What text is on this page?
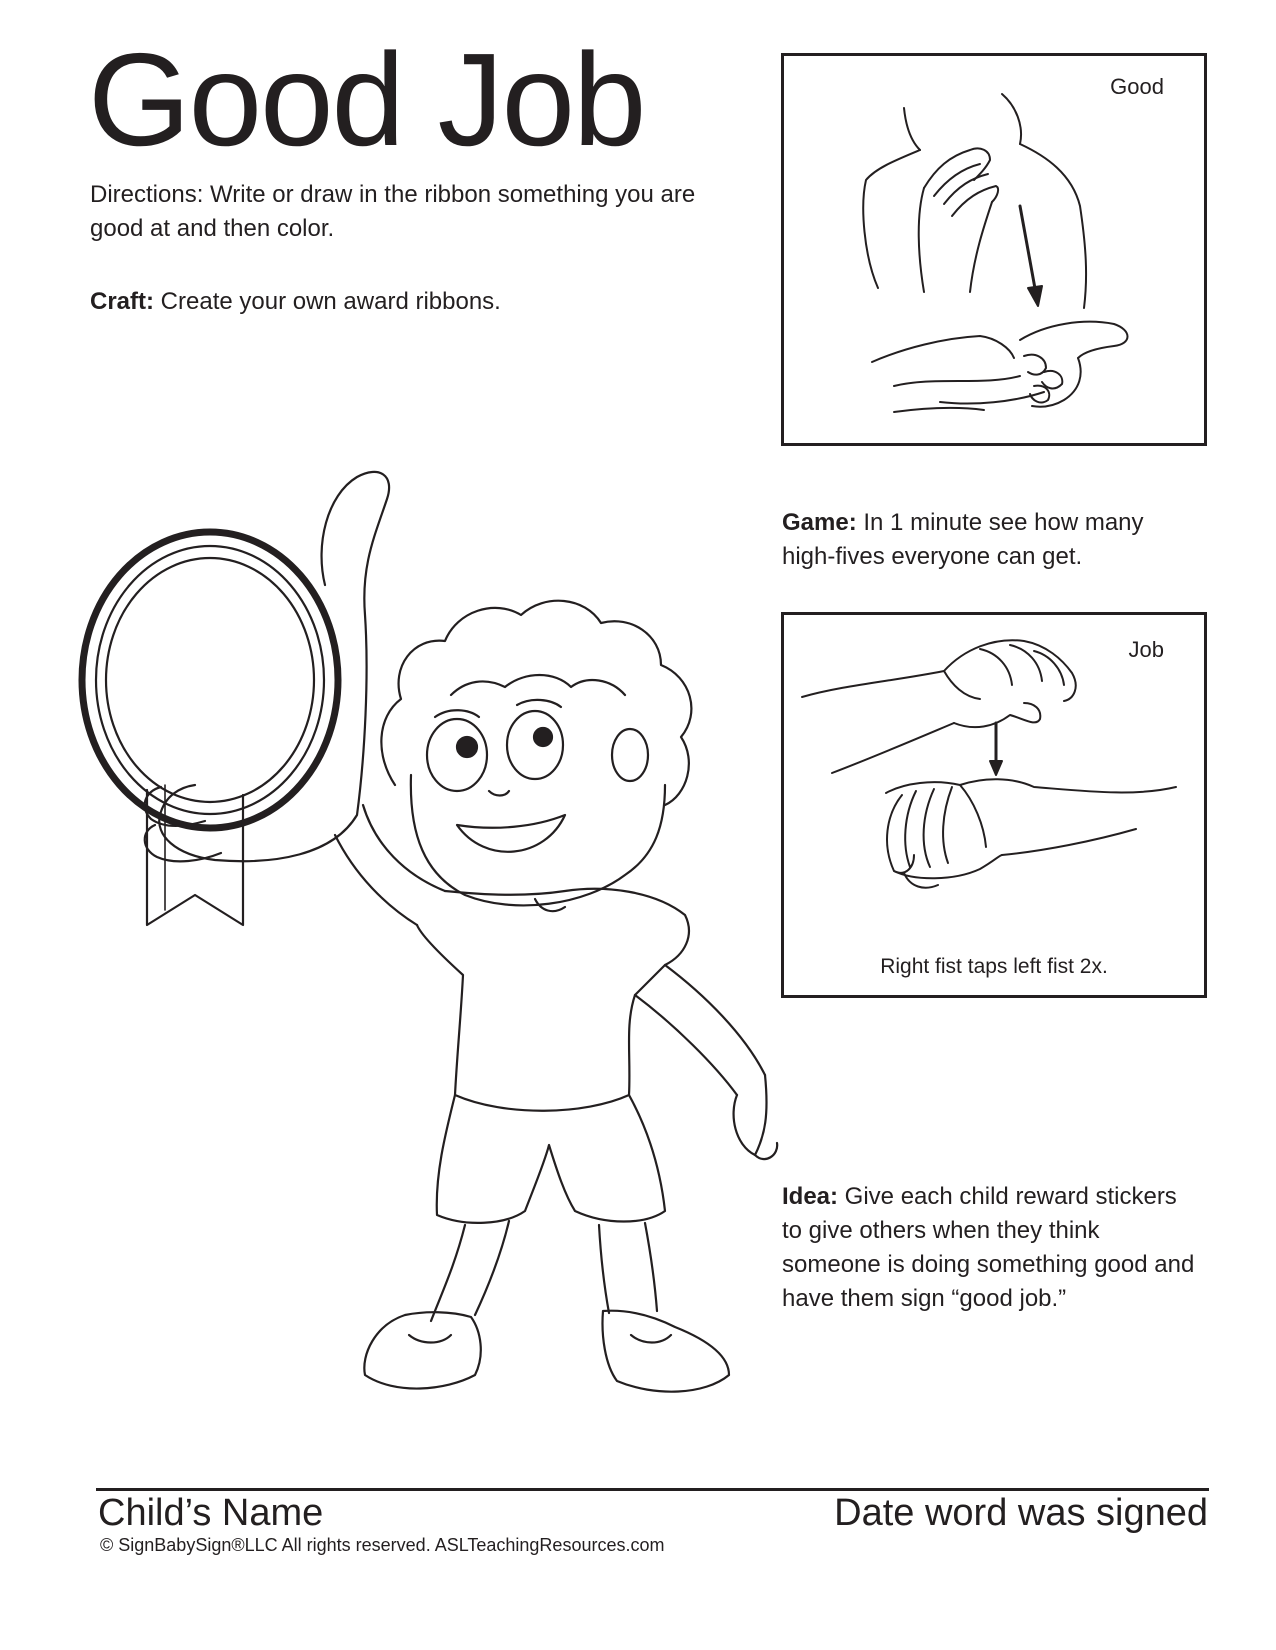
Good Job
Directions: Write or draw in the ribbon something you are good at and then color.
Craft: Create your own award ribbons.
Good
Game: In 1 minute see how many high-fives everyone can get.
Job
Right fist taps left fist 2x.
Idea: Give each child reward stickers to give others when they think someone is doing something good and have them sign “good job.”
Child’s Name	Date word was signed
© SignBabySign®LLC All rights reserved. ASLTeachingResources.com
